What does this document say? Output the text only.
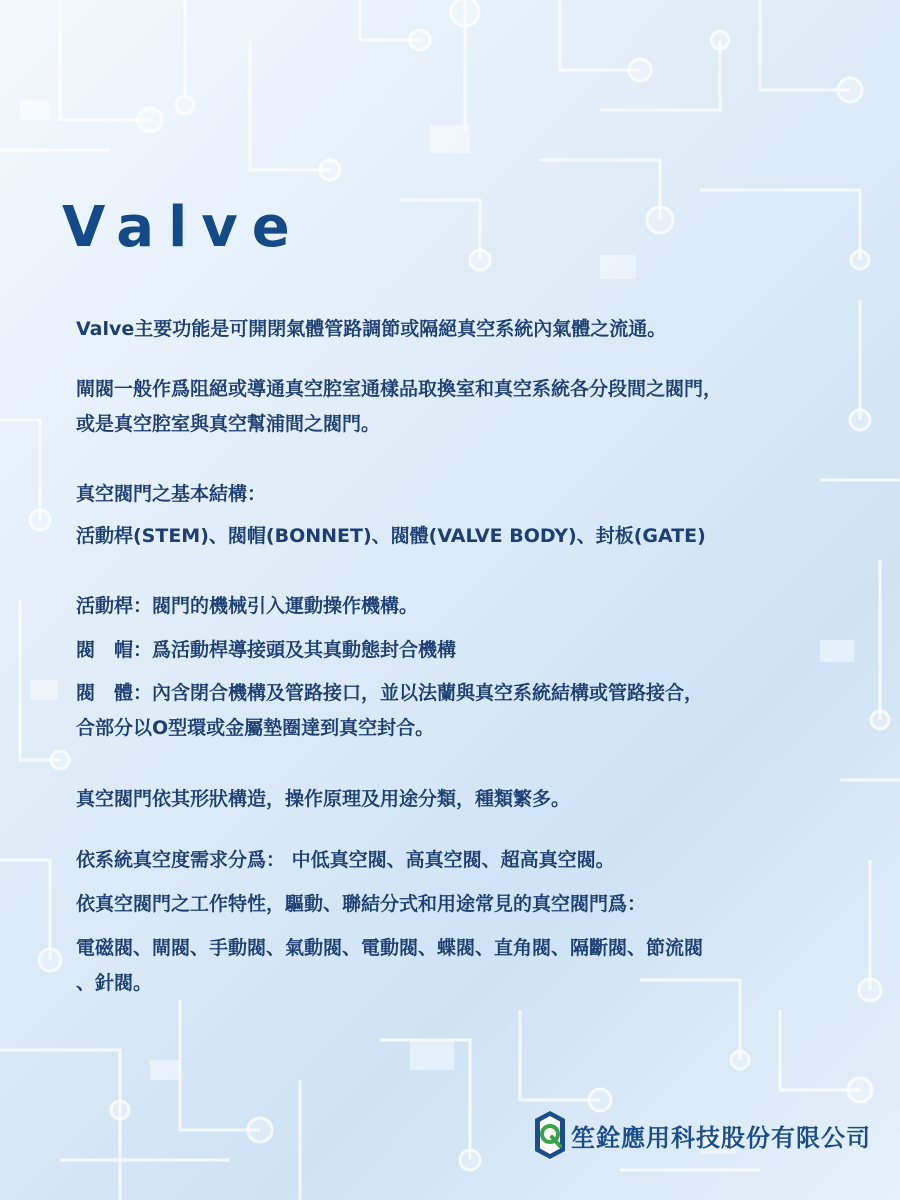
Valve

Valve主要功能是可開閉氣體管路調節或隔絕真空系統內氣體之流通。

閘閥一般作爲阻絕或導通真空腔室通樣品取換室和真空系統各分段間之閥門，

或是真空腔室與真空幫浦間之閥門。

真空閥門之基本結構：

活動桿(STEM)、閥帽(BONNET)、閥體(VALVE BODY)、封板(GATE)

活動桿：閥門的機械引入運動操作機構。

閥　帽：爲活動桿導接頭及其真動態封合機構

閥　體：內含閉合機構及管路接口，並以法蘭與真空系統結構或管路接合，

合部分以O型環或金屬墊圈達到真空封合。

真空閥門依其形狀構造，操作原理及用途分類，種類繁多。

依系統真空度需求分爲： 中低真空閥、高真空閥、超高真空閥。

依真空閥門之工作特性，驅動、聯結分式和用途常見的真空閥門爲：

電磁閥、閘閥、手動閥、氣動閥、電動閥、蝶閥、直角閥、隔斷閥、節流閥

、針閥。

笙銓應用科技股份有限公司
